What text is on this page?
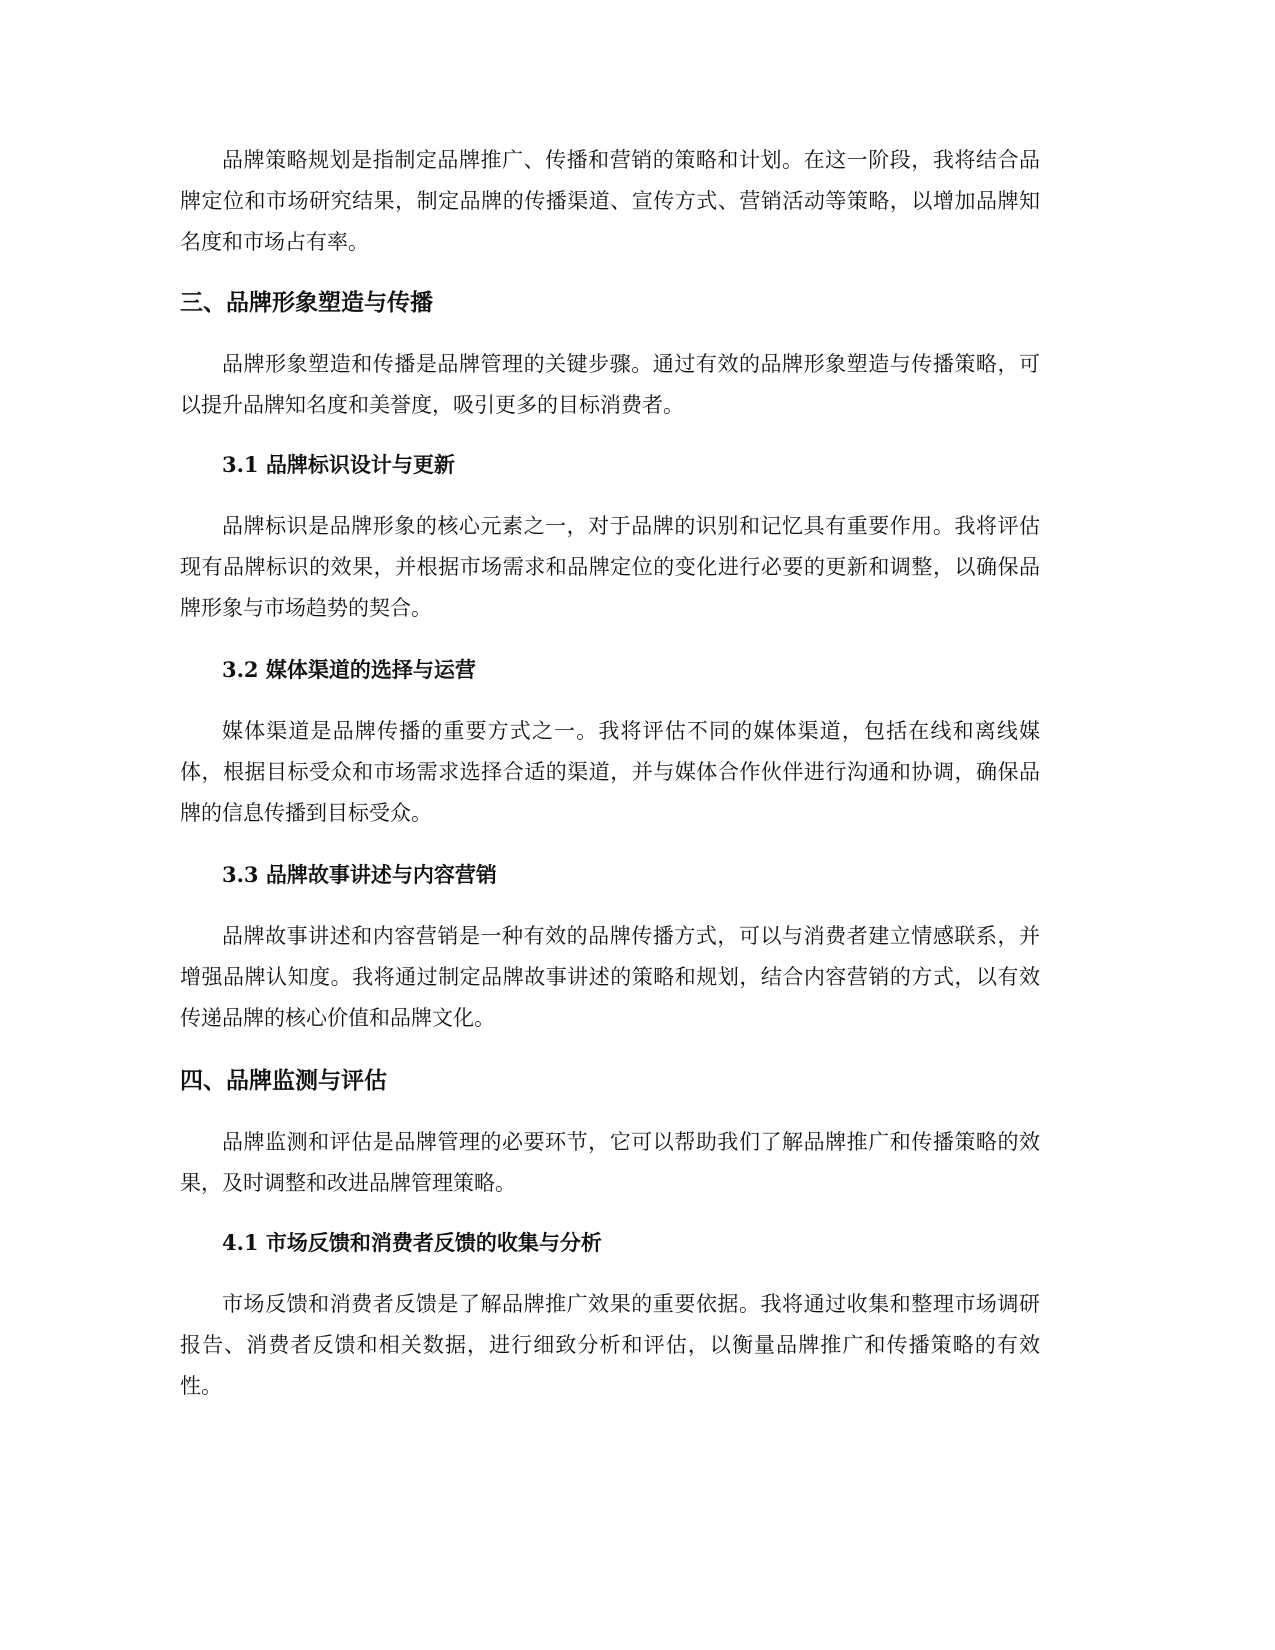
品牌策略规划是指制定品牌推广、传播和营销的策略和计划。在这一阶段，我将结合品牌定位和市场研究结果，制定品牌的传播渠道、宣传方式、营销活动等策略，以增加品牌知名度和市场占有率。

三、品牌形象塑造与传播

品牌形象塑造和传播是品牌管理的关键步骤。通过有效的品牌形象塑造与传播策略，可以提升品牌知名度和美誉度，吸引更多的目标消费者。

3.1 品牌标识设计与更新

品牌标识是品牌形象的核心元素之一，对于品牌的识别和记忆具有重要作用。我将评估现有品牌标识的效果，并根据市场需求和品牌定位的变化进行必要的更新和调整，以确保品牌形象与市场趋势的契合。

3.2 媒体渠道的选择与运营

媒体渠道是品牌传播的重要方式之一。我将评估不同的媒体渠道，包括在线和离线媒体，根据目标受众和市场需求选择合适的渠道，并与媒体合作伙伴进行沟通和协调，确保品牌的信息传播到目标受众。

3.3 品牌故事讲述与内容营销

品牌故事讲述和内容营销是一种有效的品牌传播方式，可以与消费者建立情感联系，并增强品牌认知度。我将通过制定品牌故事讲述的策略和规划，结合内容营销的方式，以有效传递品牌的核心价值和品牌文化。

四、品牌监测与评估

品牌监测和评估是品牌管理的必要环节，它可以帮助我们了解品牌推广和传播策略的效果，及时调整和改进品牌管理策略。

4.1 市场反馈和消费者反馈的收集与分析

市场反馈和消费者反馈是了解品牌推广效果的重要依据。我将通过收集和整理市场调研报告、消费者反馈和相关数据，进行细致分析和评估，以衡量品牌推广和传播策略的有效性。
